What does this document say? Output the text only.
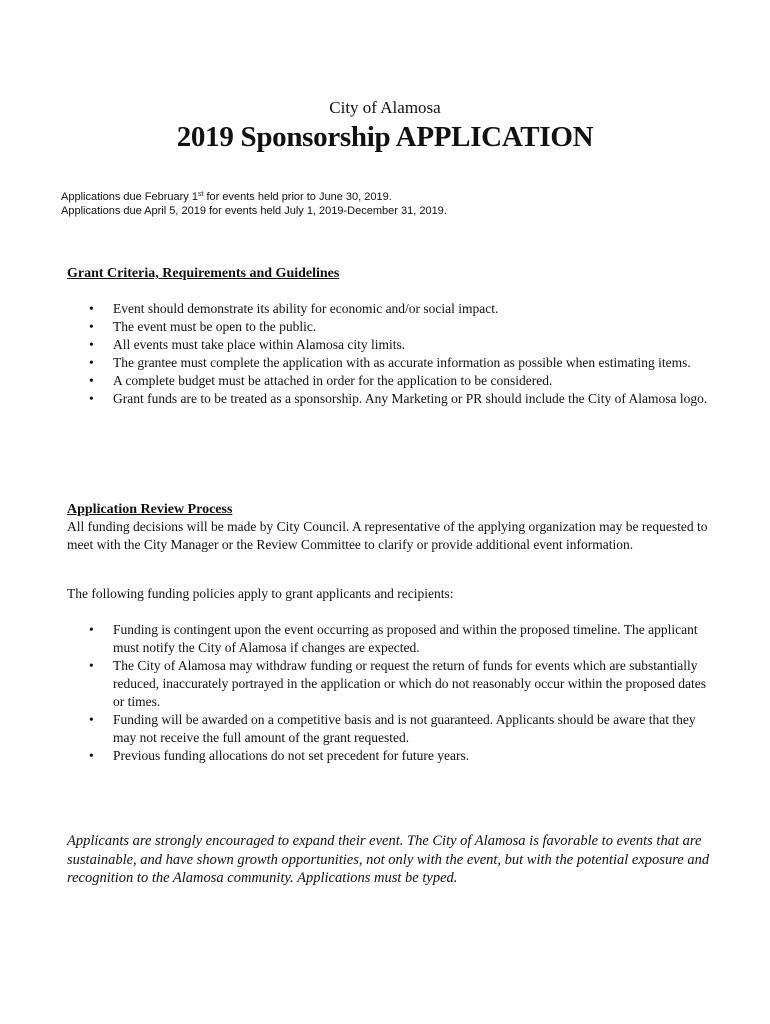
City of Alamosa
2019 Sponsorship APPLICATION
Applications due February 1st for events held prior to June 30, 2019.
Applications due April 5, 2019 for events held July 1, 2019-December 31, 2019.
Grant Criteria, Requirements and Guidelines
• Event should demonstrate its ability for economic and/or social impact.
• The event must be open to the public.
• All events must take place within Alamosa city limits.
• The grantee must complete the application with as accurate information as possible when estimating items.
• A complete budget must be attached in order for the application to be considered.
• Grant funds are to be treated as a sponsorship. Any Marketing or PR should include the City of Alamosa logo.
Application Review Process

All funding decisions will be made by City Council. A representative of the applying organization may be requested to meet with the City Manager or the Review Committee to clarify or provide additional event information.

The following funding policies apply to grant applicants and recipients:

• Funding is contingent upon the event occurring as proposed and within the proposed timeline. The applicant must notify the City of Alamosa if changes are expected.
• The City of Alamosa may withdraw funding or request the return of funds for events which are substantially reduced, inaccurately portrayed in the application or which do not reasonably occur within the proposed dates or times.
• Funding will be awarded on a competitive basis and is not guaranteed. Applicants should be aware that they may not receive the full amount of the grant requested.
• Previous funding allocations do not set precedent for future years.

Applicants are strongly encouraged to expand their event. The City of Alamosa is favorable to events that are sustainable, and have shown growth opportunities, not only with the event, but with the potential exposure and recognition to the Alamosa community. Applications must be typed.
